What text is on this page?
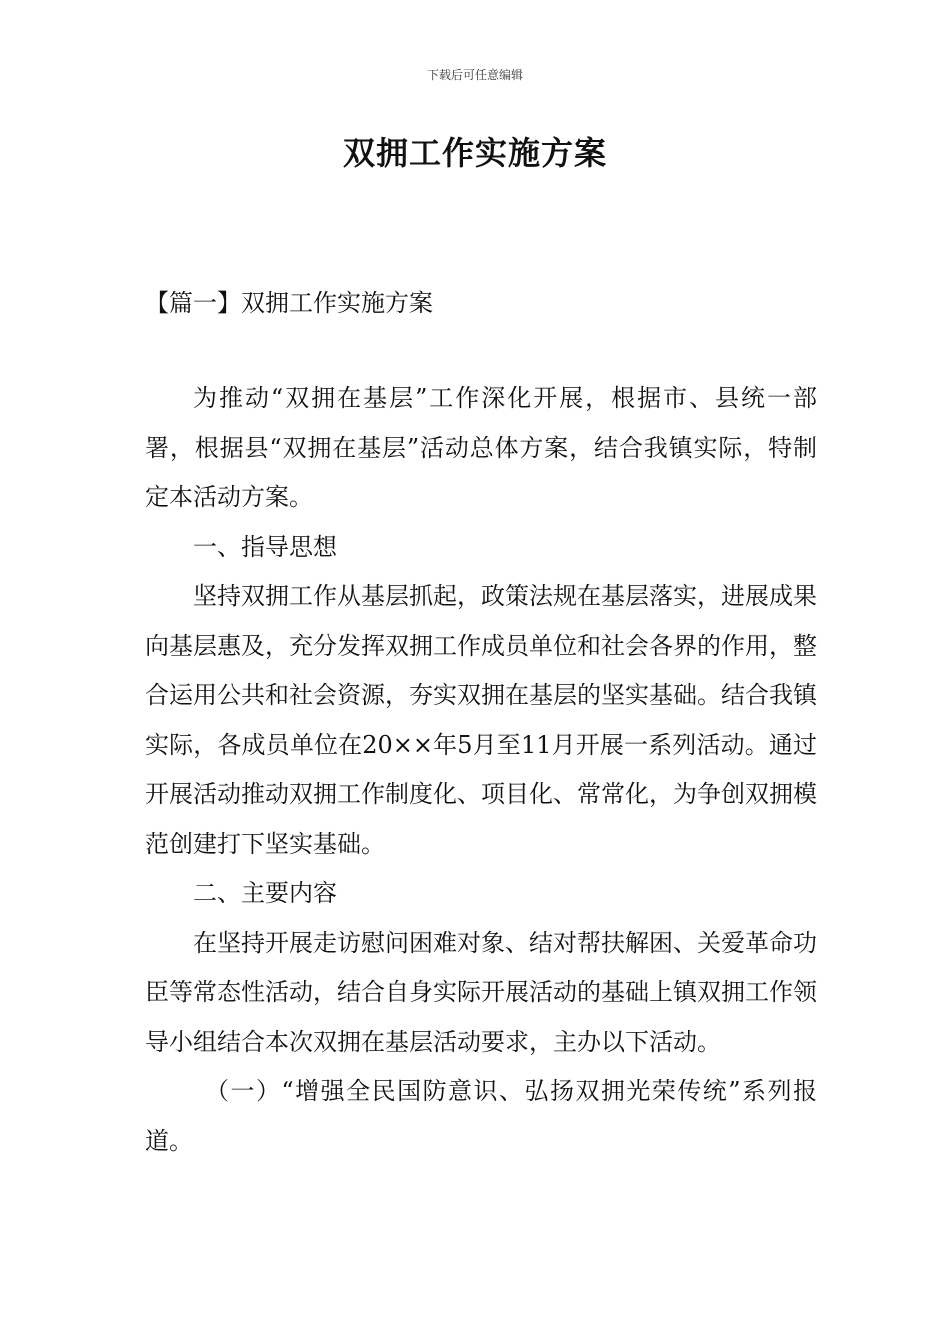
下载后可任意编辑
双拥工作实施方案
【篇一】双拥工作实施方案

为推动“双拥在基层”工作深化开展，根据市、县统一部署，根据县“双拥在基层”活动总体方案，结合我镇实际，特制定本活动方案。

一、指导思想

坚持双拥工作从基层抓起，政策法规在基层落实，进展成果向基层惠及，充分发挥双拥工作成员单位和社会各界的作用，整合运用公共和社会资源，夯实双拥在基层的坚实基础。结合我镇实际，各成员单位在20××年5月至11月开展一系列活动。通过开展活动推动双拥工作制度化、项目化、常常化，为争创双拥模范创建打下坚实基础。

二、主要内容

在坚持开展走访慰问困难对象、结对帮扶解困、关爱革命功臣等常态性活动，结合自身实际开展活动的基础上镇双拥工作领导小组结合本次双拥在基层活动要求，主办以下活动。

（一）“增强全民国防意识、弘扬双拥光荣传统”系列报道。
